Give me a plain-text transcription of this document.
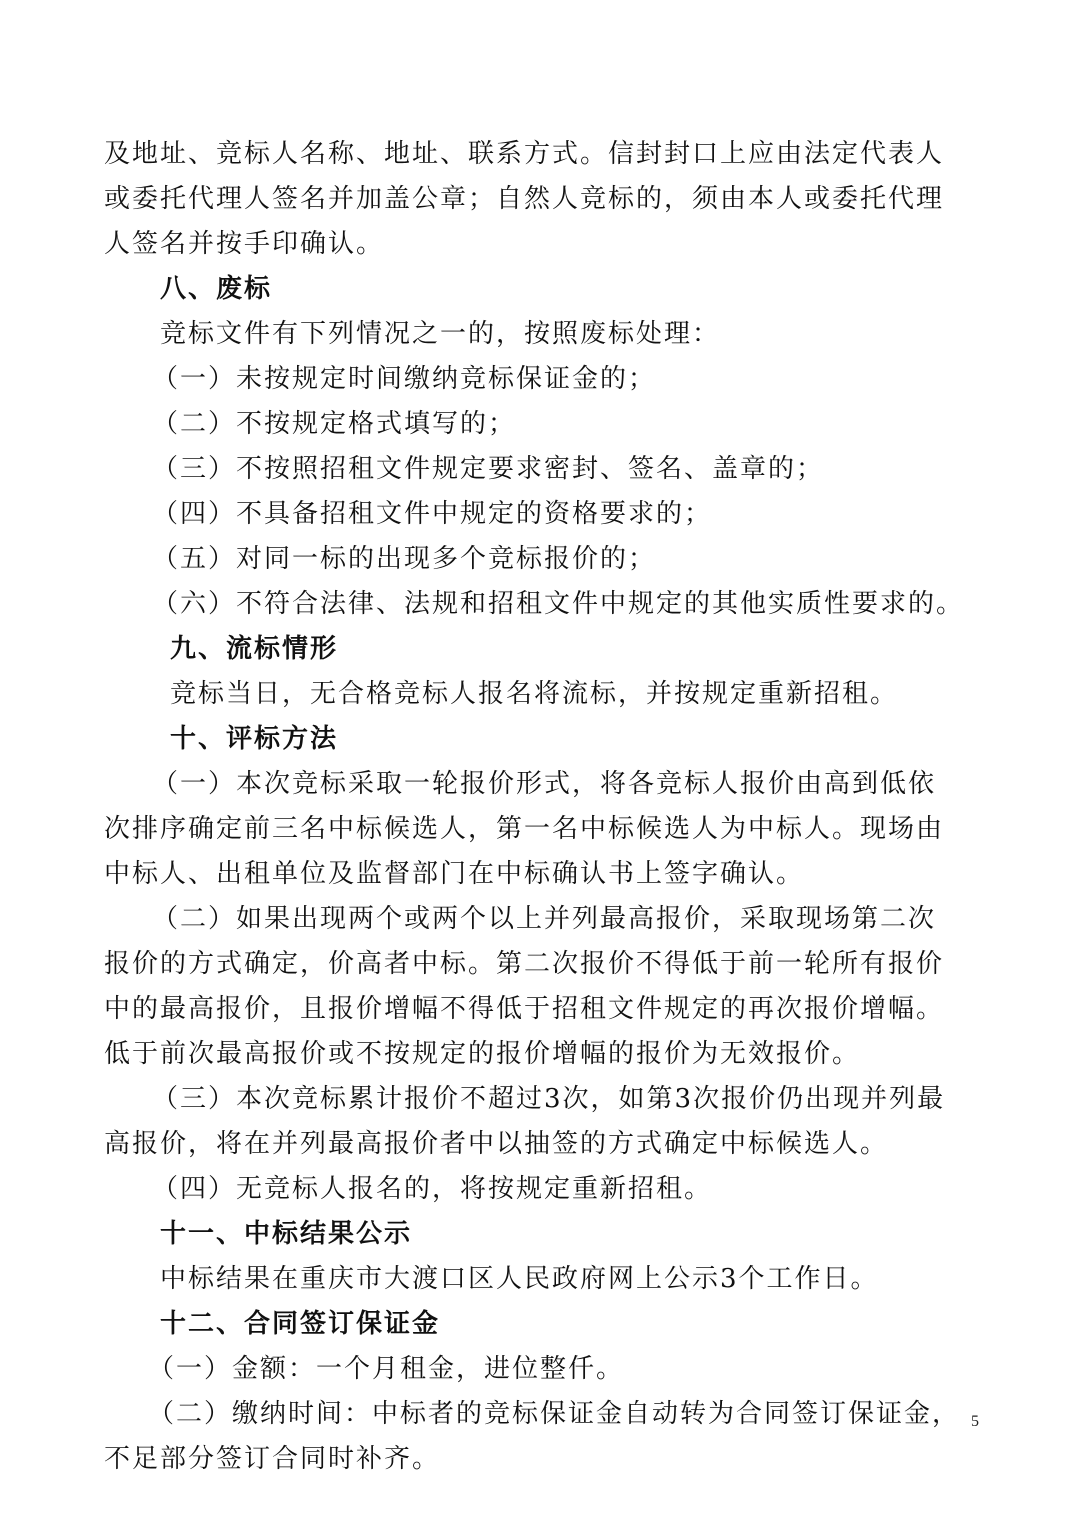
及地址、竞标人名称、地址、联系方式。信封封口上应由法定代表人
或委托代理人签名并加盖公章；自然人竞标的，须由本人或委托代理
人签名并按手印确认。
八、废标
竞标文件有下列情况之一的，按照废标处理：
（一）未按规定时间缴纳竞标保证金的；
（二）不按规定格式填写的；
（三）不按照招租文件规定要求密封、签名、盖章的；
（四）不具备招租文件中规定的资格要求的；
（五）对同一标的出现多个竞标报价的；
（六）不符合法律、法规和招租文件中规定的其他实质性要求的。
九、流标情形
竞标当日，无合格竞标人报名将流标，并按规定重新招租。
十、评标方法
（一）本次竞标采取一轮报价形式，将各竞标人报价由高到低依
次排序确定前三名中标候选人，第一名中标候选人为中标人。现场由
中标人、出租单位及监督部门在中标确认书上签字确认。
（二）如果出现两个或两个以上并列最高报价，采取现场第二次
报价的方式确定，价高者中标。第二次报价不得低于前一轮所有报价
中的最高报价，且报价增幅不得低于招租文件规定的再次报价增幅。
低于前次最高报价或不按规定的报价增幅的报价为无效报价。
（三）本次竞标累计报价不超过3次，如第3次报价仍出现并列最
高报价，将在并列最高报价者中以抽签的方式确定中标候选人。
（四）无竞标人报名的，将按规定重新招租。
十一、中标结果公示
中标结果在重庆市大渡口区人民政府网上公示3个工作日。
十二、合同签订保证金
（一）金额：一个月租金，进位整仟。
（二）缴纳时间：中标者的竞标保证金自动转为合同签订保证金，
不足部分签订合同时补齐。
5
